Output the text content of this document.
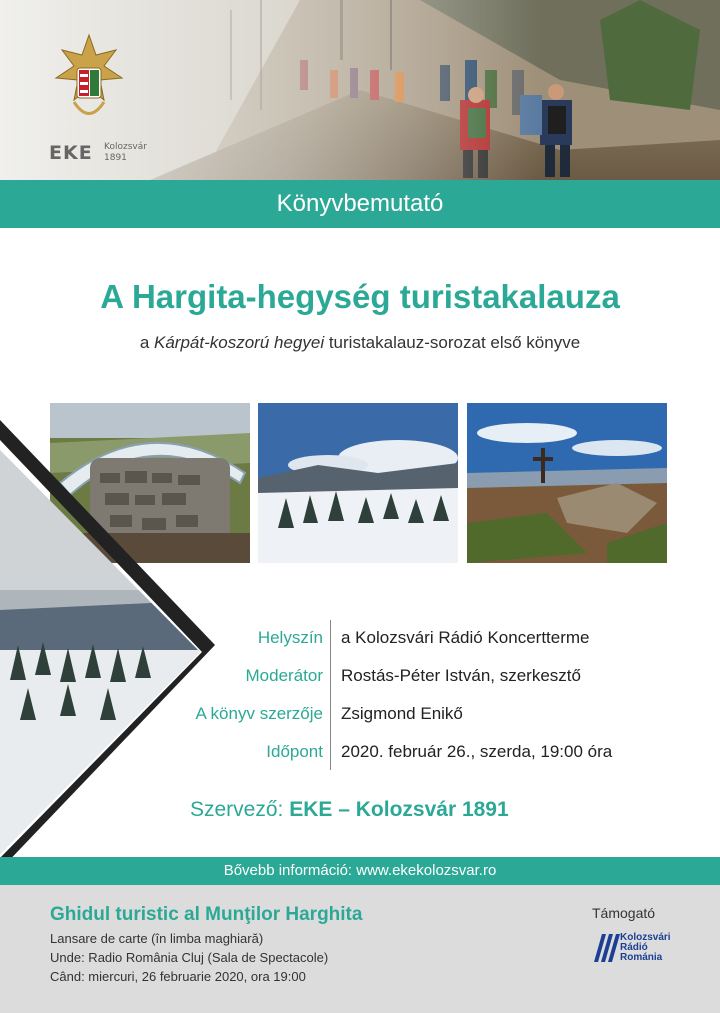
EKE Kolozsvár
1891
Könyvbemutató
A Hargita-hegység turistakalauza
a Kárpát-koszorú hegyei turistakalauz-sorozat első könyve
Helyszín a Kolozsvári Rádió Koncertterme
Moderátor Rostás-Péter István, szerkesztő
A könyv szerzője Zsigmond Enikő
Időpont 2020. február 26., szerda, 19:00 óra
Szervező: EKE – Kolozsvár 1891
Bővebb információ: www.ekekolozsvar.ro
Ghidul turistic al Munţilor Harghita
Lansare de carte (în limba maghiară)
Unde: Radio România Cluj (Sala de Spectacole)
Când: miercuri, 26 februarie 2020, ora 19:00
Támogató
Kolozsvári
Rádió
Románia
